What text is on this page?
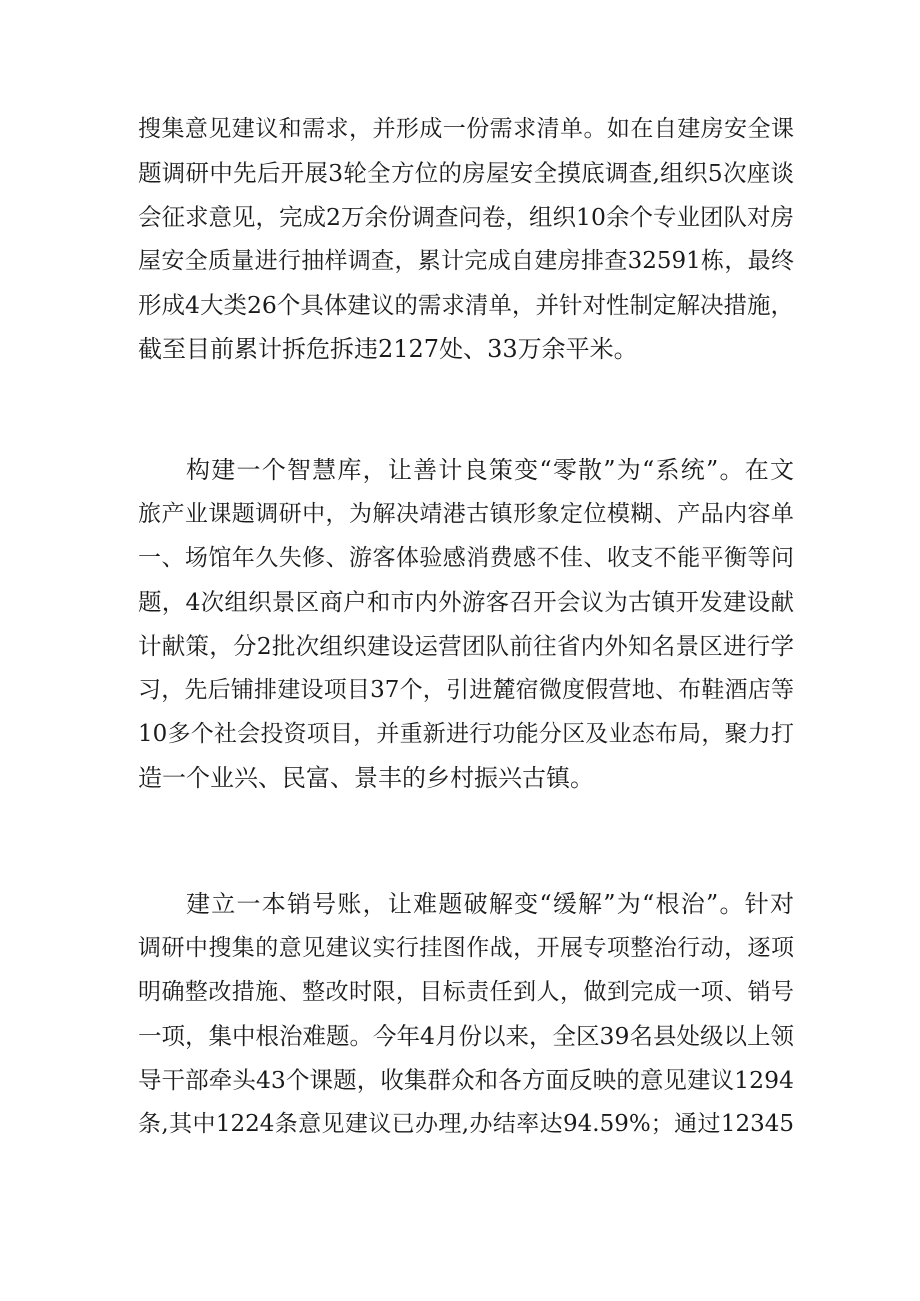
搜集意见建议和需求，并形成一份需求清单。如在自建房安全课
题调研中先后开展3轮全方位的房屋安全摸底调查,组织5次座谈
会征求意见，完成2万余份调查问卷，组织10余个专业团队对房
屋安全质量进行抽样调查，累计完成自建房排查32591栋，最终
形成4大类26个具体建议的需求清单，并针对性制定解决措施，
截至目前累计拆危拆违2127处、33万余平米。
构建一个智慧库，让善计良策变“零散”为“系统”。在文
旅产业课题调研中，为解决靖港古镇形象定位模糊、产品内容单
一、场馆年久失修、游客体验感消费感不佳、收支不能平衡等问
题，4次组织景区商户和市内外游客召开会议为古镇开发建设献
计献策，分2批次组织建设运营团队前往省内外知名景区进行学
习，先后铺排建设项目37个，引进麓宿微度假营地、布鞋酒店等
10多个社会投资项目，并重新进行功能分区及业态布局，聚力打
造一个业兴、民富、景丰的乡村振兴古镇。
建立一本销号账，让难题破解变“缓解”为“根治”。针对
调研中搜集的意见建议实行挂图作战，开展专项整治行动，逐项
明确整改措施、整改时限，目标责任到人，做到完成一项、销号
一项，集中根治难题。今年4月份以来，全区39名县处级以上领
导干部牵头43个课题，收集群众和各方面反映的意见建议1294
条,其中1224条意见建议已办理,办结率达94.59%；通过12345
